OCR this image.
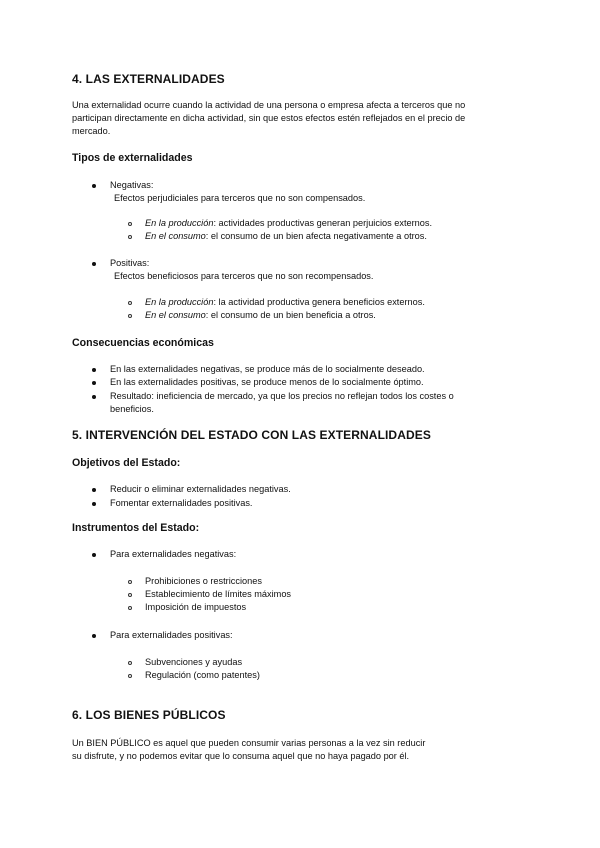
4. LAS EXTERNALIDADES
Una externalidad ocurre cuando la actividad de una persona o empresa afecta a terceros que no
participan directamente en dicha actividad, sin que estos efectos estén reflejados en el precio de
mercado.
Tipos de externalidades
Negativas:
Efectos perjudiciales para terceros que no son compensados.
En la producción: actividades productivas generan perjuicios externos.
En el consumo: el consumo de un bien afecta negativamente a otros.
Positivas:
Efectos beneficiosos para terceros que no son recompensados.
En la producción: la actividad productiva genera beneficios externos.
En el consumo: el consumo de un bien beneficia a otros.
Consecuencias económicas
En las externalidades negativas, se produce más de lo socialmente deseado.
En las externalidades positivas, se produce menos de lo socialmente óptimo.
Resultado: ineficiencia de mercado, ya que los precios no reflejan todos los costes o
beneficios.
5. INTERVENCIÓN DEL ESTADO CON LAS EXTERNALIDADES
Objetivos del Estado:
Reducir o eliminar externalidades negativas.
Fomentar externalidades positivas.
Instrumentos del Estado:
Para externalidades negativas:
Prohibiciones o restricciones
Establecimiento de límites máximos
Imposición de impuestos
Para externalidades positivas:
Subvenciones y ayudas
Regulación (como patentes)
6. LOS BIENES PÚBLICOS
Un BIEN PÚBLICO es aquel que pueden consumir varias personas a la vez sin reducir
su disfrute, y no podemos evitar que lo consuma aquel que no haya pagado por él.
